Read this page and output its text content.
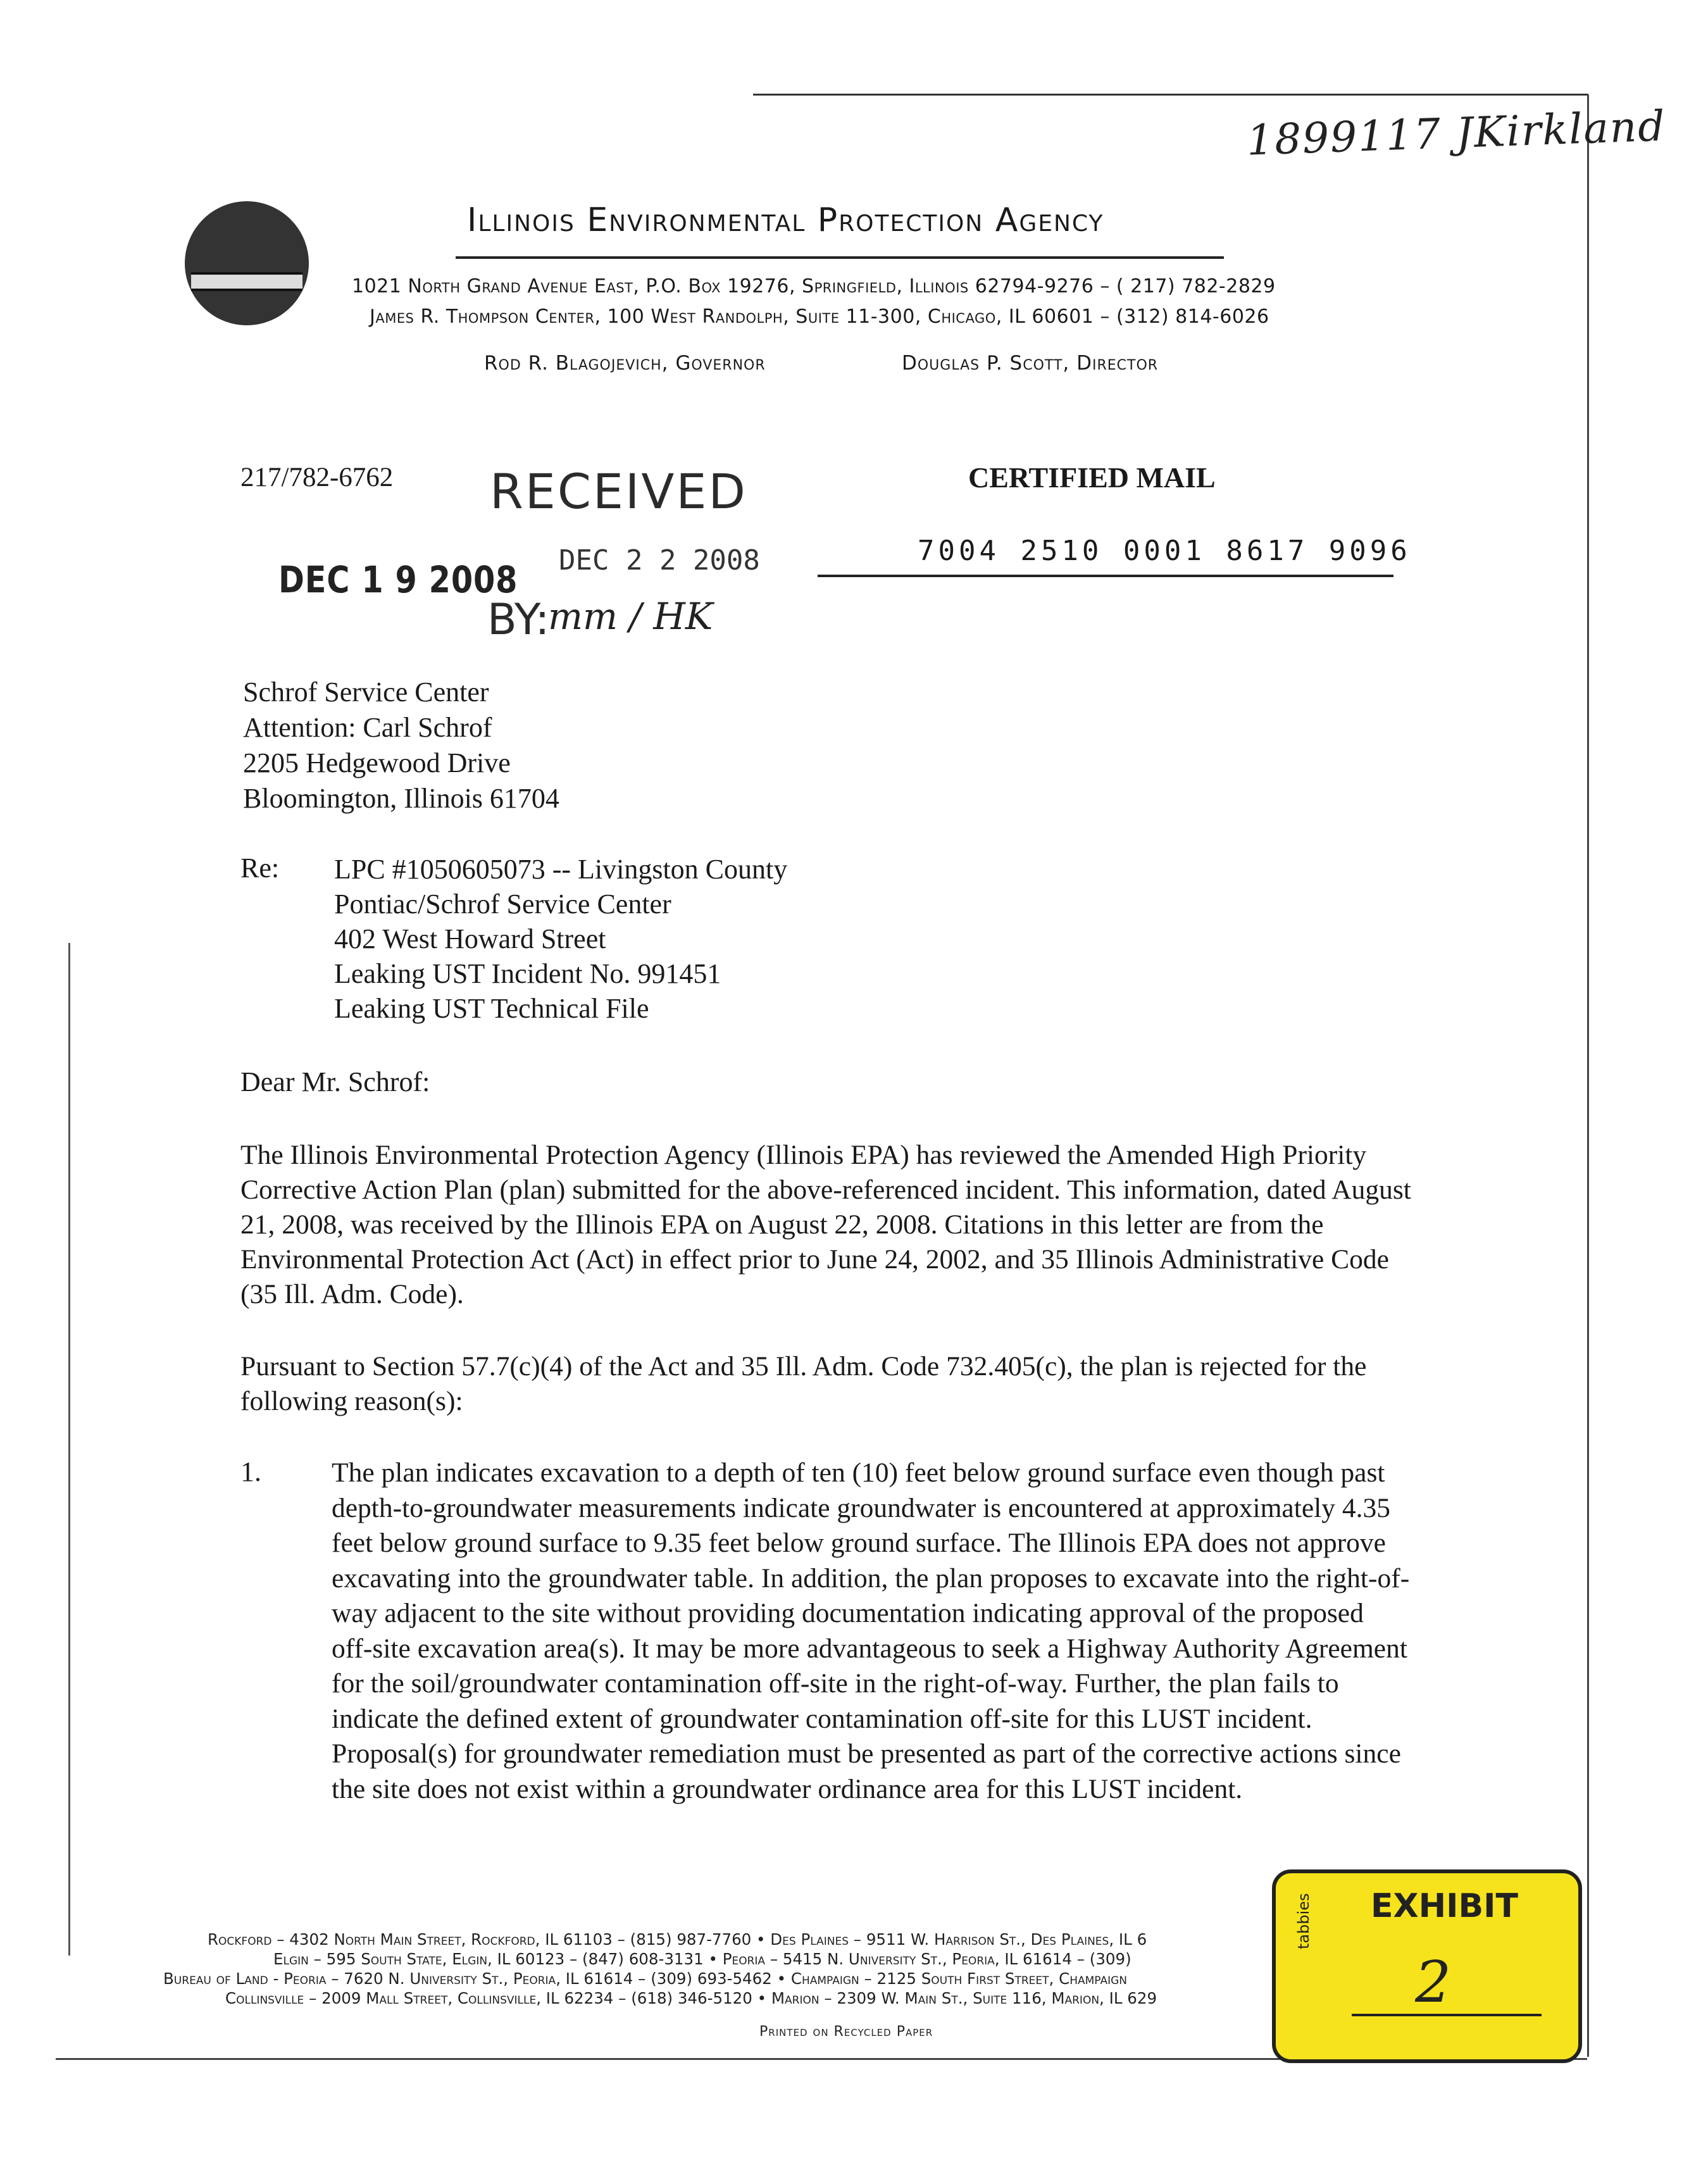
1899117 JKirkland
Illinois Environmental Protection Agency
1021 North Grand Avenue East, P.O. Box 19276, Springfield, Illinois 62794-9276 – ( 217) 782-2829
James R. Thompson Center, 100 West Randolph, Suite 11-300, Chicago, IL 60601 – (312) 814-6026
Rod R. Blagojevich, Governor	Douglas P. Scott, Director
217/782-6762 RECEIVED
DEC 2 2 2008
BY:
mm / HK
DEC 1 9 2008
CERTIFIED MAIL
7004 2510 0001 8617 9096
Schrof Service Center
Attention: Carl Schrof
2205 Hedgewood Drive
Bloomington, Illinois 61704
Re: LPC #1050605073 -- Livingston County
Pontiac/Schrof Service Center
402 West Howard Street
Leaking UST Incident No. 991451
Leaking UST Technical File
Dear Mr. Schrof:
The Illinois Environmental Protection Agency (Illinois EPA) has reviewed the Amended High Priority Corrective Action Plan (plan) submitted for the above-referenced incident. This information, dated August 21, 2008, was received by the Illinois EPA on August 22, 2008. Citations in this letter are from the Environmental Protection Act (Act) in effect prior to June 24, 2002, and 35 Illinois Administrative Code (35 Ill. Adm. Code).
Pursuant to Section 57.7(c)(4) of the Act and 35 Ill. Adm. Code 732.405(c), the plan is rejected for the following reason(s):
1.	The plan indicates excavation to a depth of ten (10) feet below ground surface even though past depth-to-groundwater measurements indicate groundwater is encountered at approximately 4.35 feet below ground surface to 9.35 feet below ground surface. The Illinois EPA does not approve excavating into the groundwater table. In addition, the plan proposes to excavate into the right-of-way adjacent to the site without providing documentation indicating approval of the proposed off-site excavation area(s). It may be more advantageous to seek a Highway Authority Agreement for the soil/groundwater contamination off-site in the right-of-way. Further, the plan fails to indicate the defined extent of groundwater contamination off-site for this LUST incident. Proposal(s) for groundwater remediation must be presented as part of the corrective actions since the site does not exist within a groundwater ordinance area for this LUST incident.
Rockford – 4302 North Main Street, Rockford, IL 61103 – (815) 987-7760 • Des Plaines – 9511 W. Harrison St., Des Plaines, IL 6
Elgin – 595 South State, Elgin, IL 60123 – (847) 608-3131 • Peoria – 5415 N. University St., Peoria, IL 61614 – (309)
Bureau of Land - Peoria – 7620 N. University St., Peoria, IL 61614 – (309) 693-5462 • Champaign – 2125 South First Street, Champaign
Collinsville – 2009 Mall Street, Collinsville, IL 62234 – (618) 346-5120 • Marion – 2309 W. Main St., Suite 116, Marion, IL 629
Printed on Recycled Paper
EXHIBIT
tabbies
2
